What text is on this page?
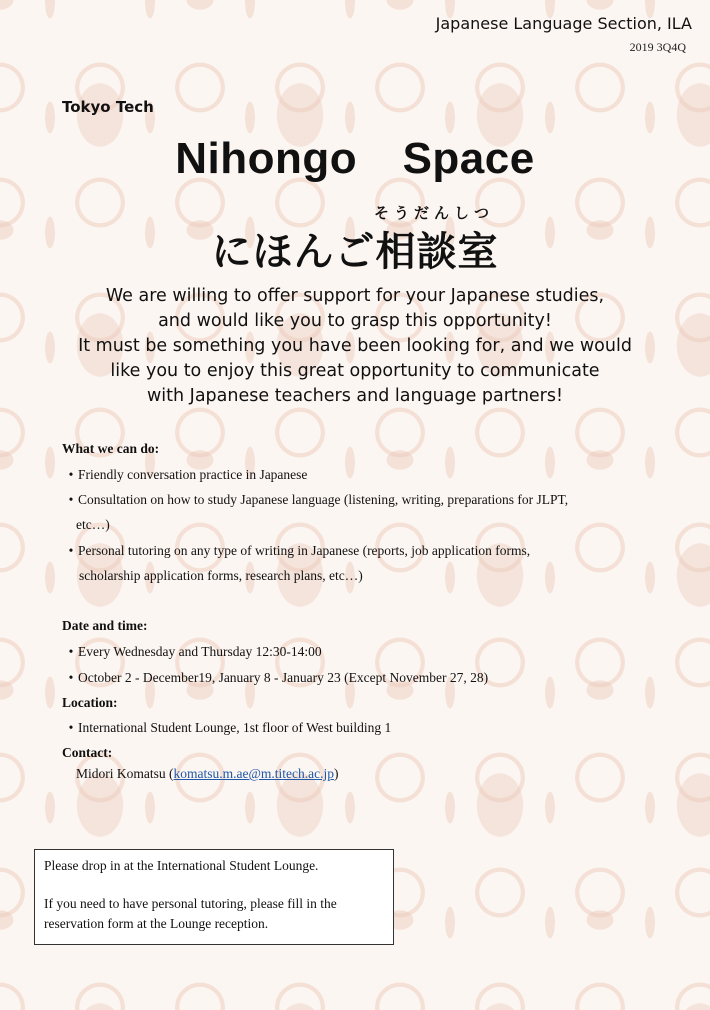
Japanese Language Section, ILA
2019 3Q4Q
Tokyo Tech
Nihongo  Space
そうだんしつ
にほんご相談室
We are willing to offer support for your Japanese studies,
and would like you to grasp this opportunity!
It must be something you have been looking for, and we would
like you to enjoy this great opportunity to communicate
with Japanese teachers and language partners!
What we can do:
• Friendly conversation practice in Japanese
• Consultation on how to study Japanese language (listening, writing, preparations for JLPT,
etc…)
• Personal tutoring on any type of writing in Japanese (reports, job application forms,
scholarship application forms, research plans, etc…)
Date and time:
• Every Wednesday and Thursday 12:30-14:00
• October 2 - December19, January 8 - January 23 (Except November 27, 28)
Location:
• International Student Lounge, 1st floor of West building 1
Contact:
Midori Komatsu (komatsu.m.ae@m.titech.ac.jp)
Please drop in at the International Student Lounge.
If you need to have personal tutoring, please fill in the
reservation form at the Lounge reception.
